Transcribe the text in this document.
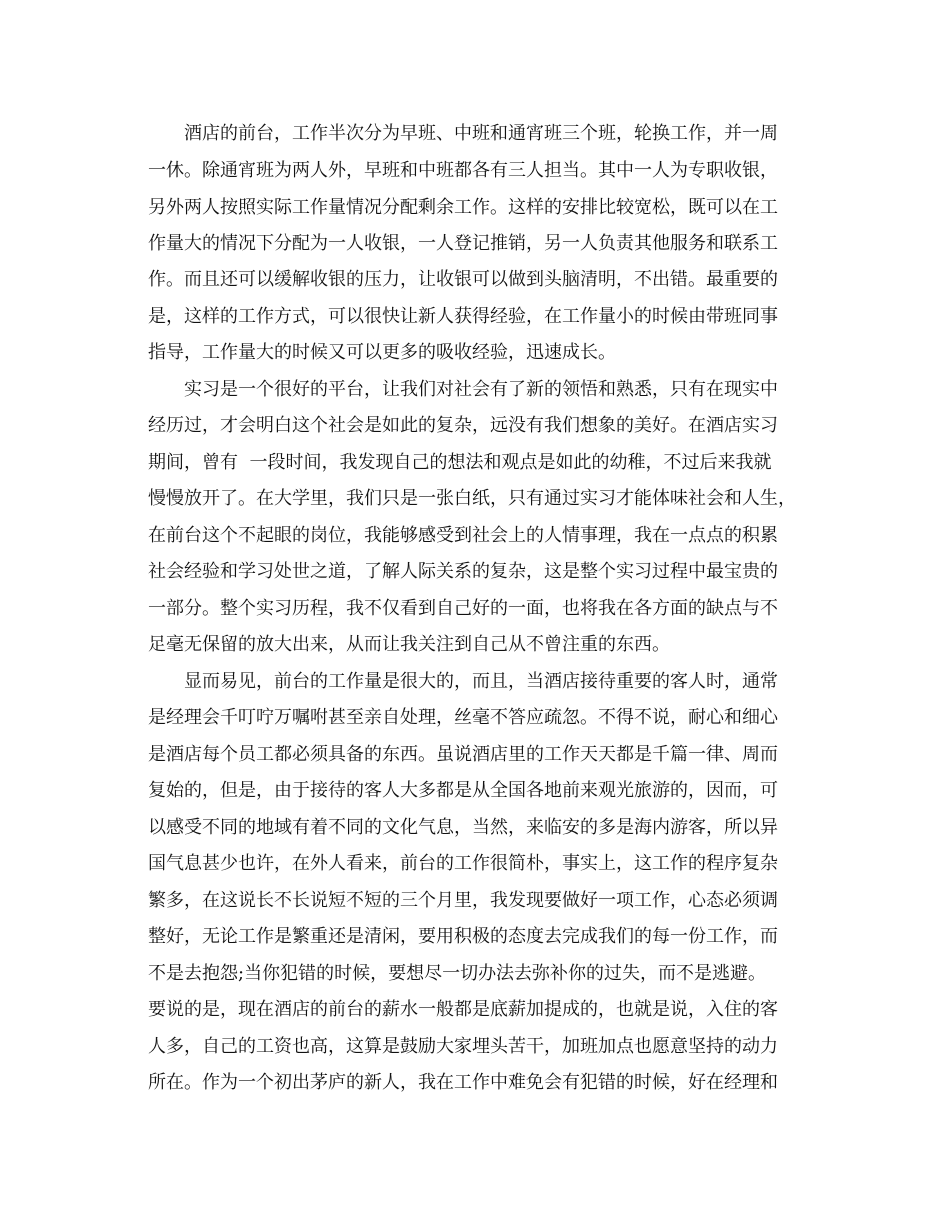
酒店的前台，工作半次分为早班、中班和通宵班三个班，轮换工作，并一周
一休。除通宵班为两人外，早班和中班都各有三人担当。其中一人为专职收银，
另外两人按照实际工作量情况分配剩余工作。这样的安排比较宽松，既可以在工
作量大的情况下分配为一人收银，一人登记推销，另一人负责其他服务和联系工
作。而且还可以缓解收银的压力，让收银可以做到头脑清明，不出错。最重要的
是，这样的工作方式，可以很快让新人获得经验，在工作量小的时候由带班同事
指导，工作量大的时候又可以更多的吸收经验，迅速成长。
实习是一个很好的平台，让我们对社会有了新的领悟和熟悉，只有在现实中
经历过，才会明白这个社会是如此的复杂，远没有我们想象的美好。在酒店实习
期间，曾有  一段时间，我发现自己的想法和观点是如此的幼稚，不过后来我就
慢慢放开了。在大学里，我们只是一张白纸，只有通过实习才能体味社会和人生，
在前台这个不起眼的岗位，我能够感受到社会上的人情事理，我在一点点的积累
社会经验和学习处世之道，了解人际关系的复杂，这是整个实习过程中最宝贵的
一部分。整个实习历程，我不仅看到自己好的一面，也将我在各方面的缺点与不
足毫无保留的放大出来，从而让我关注到自己从不曾注重的东西。
显而易见，前台的工作量是很大的，而且，当酒店接待重要的客人时，通常
是经理会千叮咛万嘱咐甚至亲自处理，丝毫不答应疏忽。不得不说，耐心和细心
是酒店每个员工都必须具备的东西。虽说酒店里的工作天天都是千篇一律、周而
复始的，但是，由于接待的客人大多都是从全国各地前来观光旅游的，因而，可
以感受不同的地域有着不同的文化气息，当然，来临安的多是海内游客，所以异
国气息甚少也许，在外人看来，前台的工作很简朴，事实上，这工作的程序复杂
繁多，在这说长不长说短不短的三个月里，我发现要做好一项工作，心态必须调
整好，无论工作是繁重还是清闲，要用积极的态度去完成我们的每一份工作，而
不是去抱怨;当你犯错的时候，要想尽一切办法去弥补你的过失，而不是逃避。
要说的是，现在酒店的前台的薪水一般都是底薪加提成的，也就是说，入住的客
人多，自己的工资也高，这算是鼓励大家埋头苦干，加班加点也愿意坚持的动力
所在。作为一个初出茅庐的新人，我在工作中难免会有犯错的时候，好在经理和
